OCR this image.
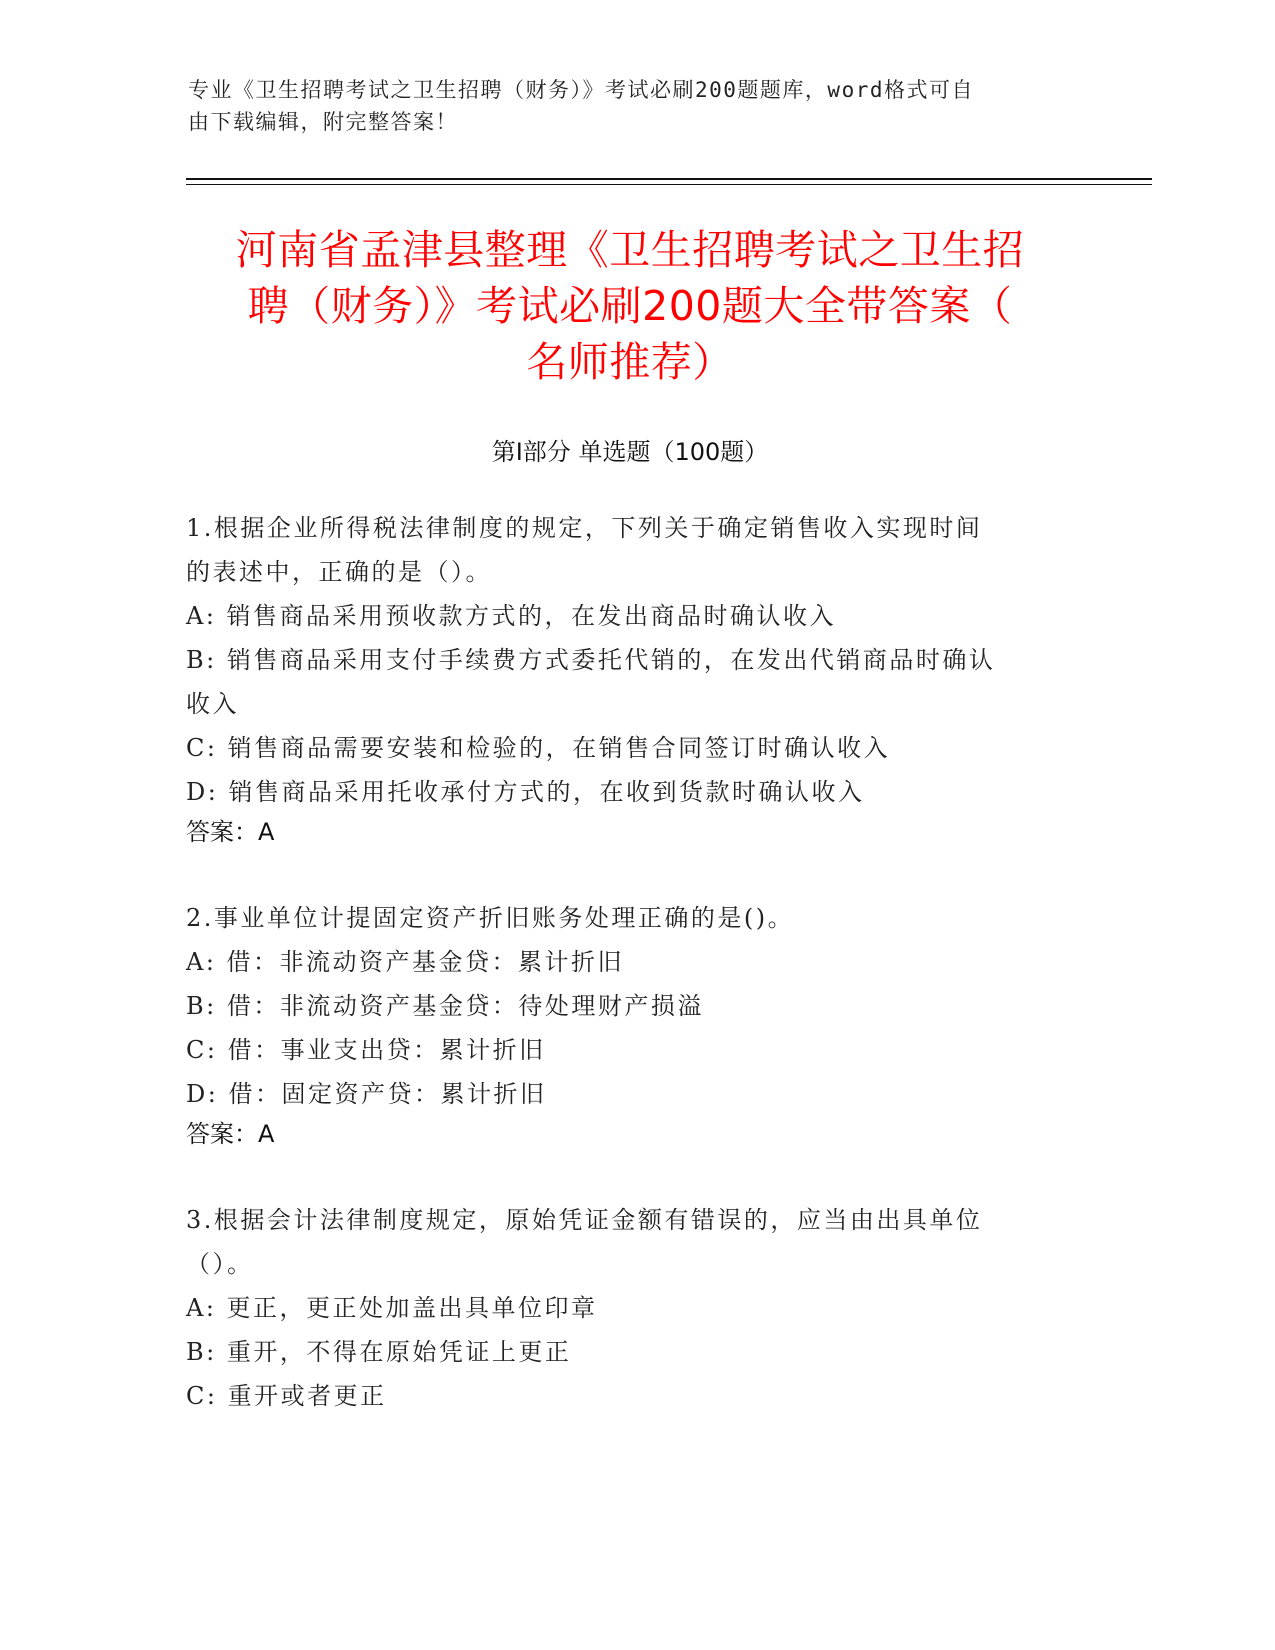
专业《卫生招聘考试之卫生招聘（财务）》考试必刷200题题库，word格式可自
由下载编辑，附完整答案！
河南省孟津县整理《卫生招聘考试之卫生招
聘（财务）》考试必刷200题大全带答案（
名师推荐）
第Ⅰ部分 单选题（100题）
1.根据企业所得税法律制度的规定，下列关于确定销售收入实现时间
的表述中，正确的是（）。
A: 销售商品采用预收款方式的，在发出商品时确认收入
B: 销售商品采用支付手续费方式委托代销的，在发出代销商品时确认
收入
C: 销售商品需要安装和检验的，在销售合同签订时确认收入
D: 销售商品采用托收承付方式的，在收到货款时确认收入
答案：A
2.事业单位计提固定资产折旧账务处理正确的是()。
A: 借：非流动资产基金贷：累计折旧
B: 借：非流动资产基金贷：待处理财产损溢
C: 借：事业支出贷：累计折旧
D: 借：固定资产贷：累计折旧
答案：A
3.根据会计法律制度规定，原始凭证金额有错误的，应当由出具单位
（）。
A: 更正，更正处加盖出具单位印章
B: 重开，不得在原始凭证上更正
C: 重开或者更正
